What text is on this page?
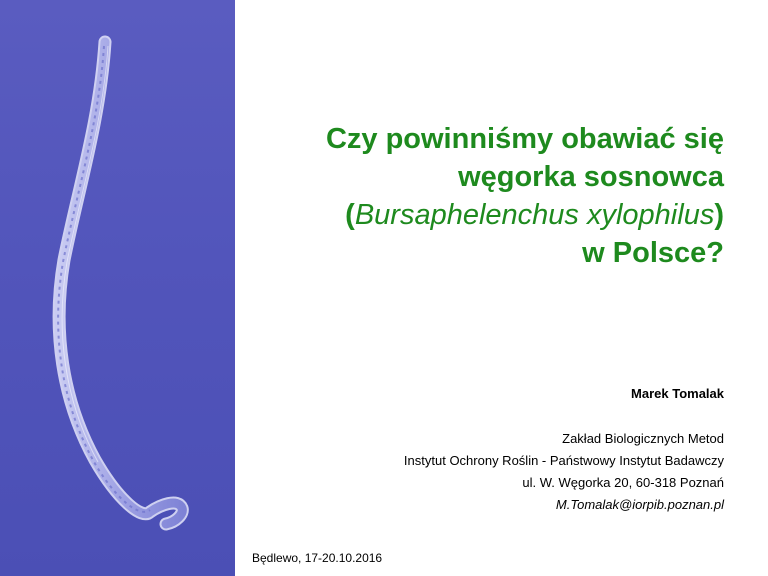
Czy powinniśmy obawiać się
węgorka sosnowca
(Bursaphelenchus xylophilus)
w Polsce?
Marek Tomalak
Zakład Biologicznych Metod
Instytut Ochrony Roślin - Państwowy Instytut Badawczy
ul. W. Węgorka 20, 60-318 Poznań
M.Tomalak@iorpib.poznan.pl
Będlewo, 17-20.10.2016
